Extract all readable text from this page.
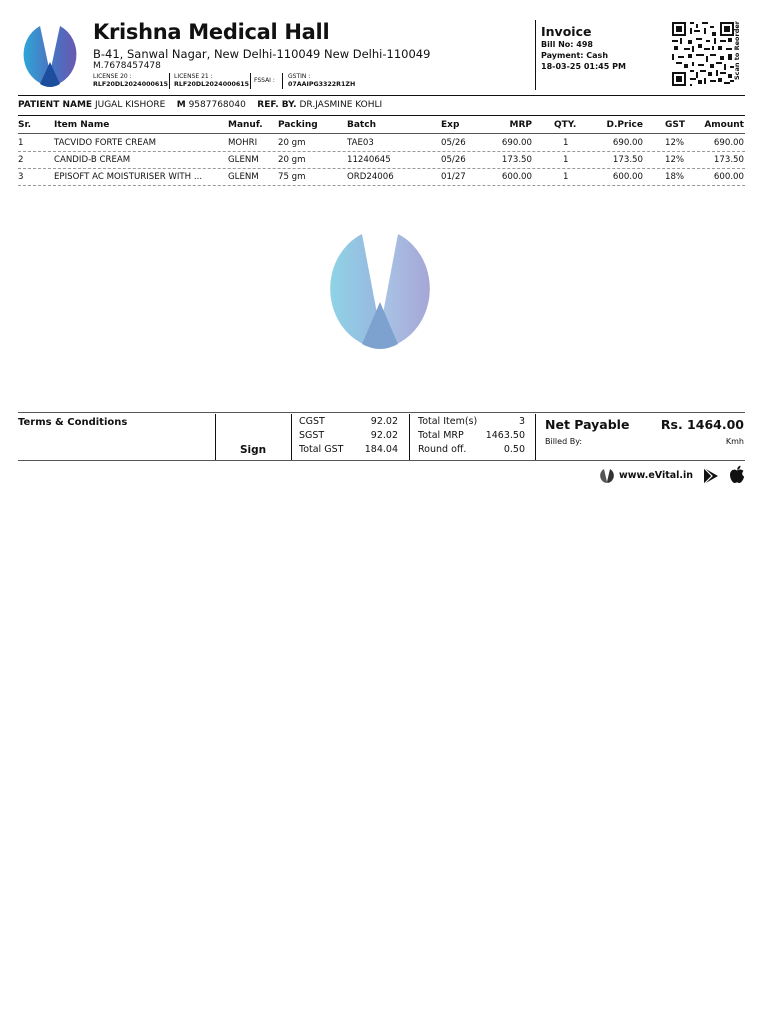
Krishna Medical Hall
B-41, Sanwal Nagar, New Delhi-110049 New Delhi-110049
M.7678457478
LICENSE 20 :
RLF20DL2024000615
LICENSE 21 :
RLF20DL2024000615
FSSAI :
GSTIN :
07AAIPG3322R1ZH
Invoice
Bill No: 498
Payment: Cash
18-03-25 01:45 PM	Scan to Reorder
PATIENT NAME JUGAL KISHORE M 9587768040 REF. BY. DR.JASMINE KOHLI
Sr.	Item Name	Manuf. Packing	Batch	Exp	MRP QTY.	D.Price GST	Amount
1	TACVIDO FORTE CREAM	MOHRI 20 gm	TAE03	05/26	690.00	1	690.00	12%	690.00
2	CANDID-B CREAM	GLENM 20 gm	11240645	05/26	173.50	1	173.50	12%	173.50
3	EPISOFT AC MOISTURISER WITH ...	GLENM 75 gm	ORD24006	01/27	600.00	1	600.00	18%	600.00
Terms & Conditions
Sign
CGST	92.02
SGST	92.02
Total GST	184.04
Total Item(s)	3
Total MRP	1463.50
Round off.	0.50
Net Payable	Rs. 1464.00
Billed By:	Kmh
www.eVital.in
